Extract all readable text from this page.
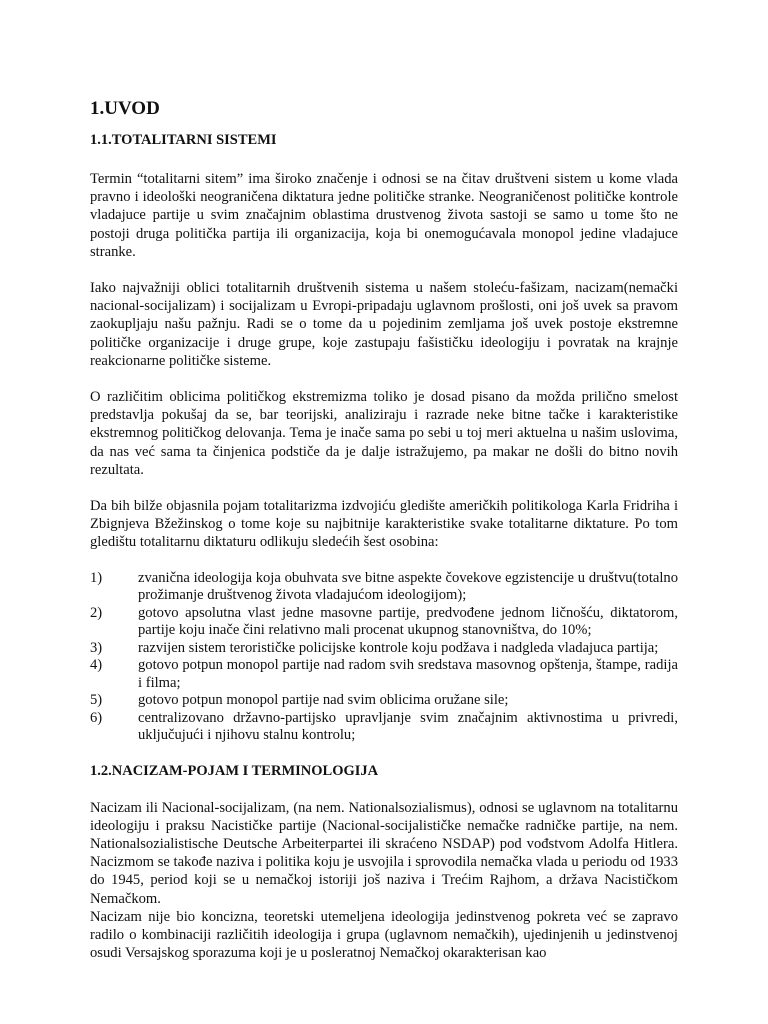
1.UVOD
1.1.TOTALITARNI SISTEMI

Termin “totalitarni sitem” ima široko značenje i odnosi se na čitav društveni sistem u kome vlada pravno i ideološki neograničena diktatura jedne političke stranke. Neograničenost političke kontrole vladajuce partije u svim značajnim oblastima drustvenog života sastoji se samo u tome što ne postoji druga politička partija ili organizacija, koja bi onemogućavala monopol jedine vladajuce stranke.

Iako najvažniji oblici totalitarnih društvenih sistema u našem stoleću-fašizam, nacizam(nemački nacional-socijalizam) i socijalizam u Evropi-pripadaju uglavnom prošlosti, oni još uvek sa pravom zaokupljaju našu pažnju. Radi se o tome da u pojedinim zemljama još uvek postoje ekstremne političke organizacije i druge grupe, koje zastupaju fašističku ideologiju i povratak na krajnje reakcionarne političke sisteme.

O različitim oblicima političkog ekstremizma toliko je dosad pisano da možda prilično smelost predstavlja pokušaj da se, bar teorijski, analiziraju i razrade neke bitne tačke i karakteristike ekstremnog političkog delovanja. Tema je inače sama po sebi u toj meri aktuelna u našim uslovima, da nas već sama ta činjenica podstiče da je dalje istražujemo, pa makar ne došli do bitno novih rezultata.

Da bih bilže objasnila pojam totalitarizma izdvojiću gledište američkih politikologa Karla Fridriha i Zbignjeva Bžežinskog o tome koje su najbitnije karakteristike svake totalitarne diktature. Po tom gledištu totalitarnu diktaturu odlikuju sledećih šest osobina:

1)	zvanična ideologija koja obuhvata sve bitne aspekte čovekove egzistencije u društvu(totalno prožimanje društvenog života vladajućom ideologijom);
2)	gotovo apsolutna vlast jedne masovne partije, predvođene jednom ličnošću, diktatorom, partije koju inače čini relativno mali procenat ukupnog stanovništva, do 10%;
3)	razvijen sistem terorističke policijske kontrole koju podžava i nadgleda vladajuca partija;
4)	gotovo potpun monopol partije nad radom svih sredstava masovnog opštenja, štampe, radija i filma;
5)	gotovo potpun monopol partije nad svim oblicima oružane sile;
6)	centralizovano državno-partijsko upravljanje svim značajnim aktivnostima u privredi, uključujući i njihovu stalnu kontrolu;
1.2.NACIZAM-POJAM I TERMINOLOGIJA

Nacizam ili Nacional-socijalizam, (na nem. Nationalsozialismus), odnosi se uglavnom na totalitarnu ideologiju i praksu Nacističke partije (Nacional-socijalističke nemačke radničke partije, na nem. Nationalsozialistische Deutsche Arbeiterpartei ili skraćeno NSDAP) pod vođstvom Adolfa Hitlera. Nacizmom se takođe naziva i politika koju je usvojila i sprovodila nemačka vlada u periodu od 1933 do 1945, period koji se u nemačkoj istoriji još naziva i Trećim Rajhom, a država Nacističkom Nemačkom.

Nacizam nije bio koncizna, teoretski utemeljena ideologija jedinstvenog pokreta već se zapravo radilo o kombinaciji različitih ideologija i grupa (uglavnom nemačkih), ujedinjenih u jedinstvenoj osudi Versajskog sporazuma koji je u posleratnoj Nemačkoj okarakterisan kao
